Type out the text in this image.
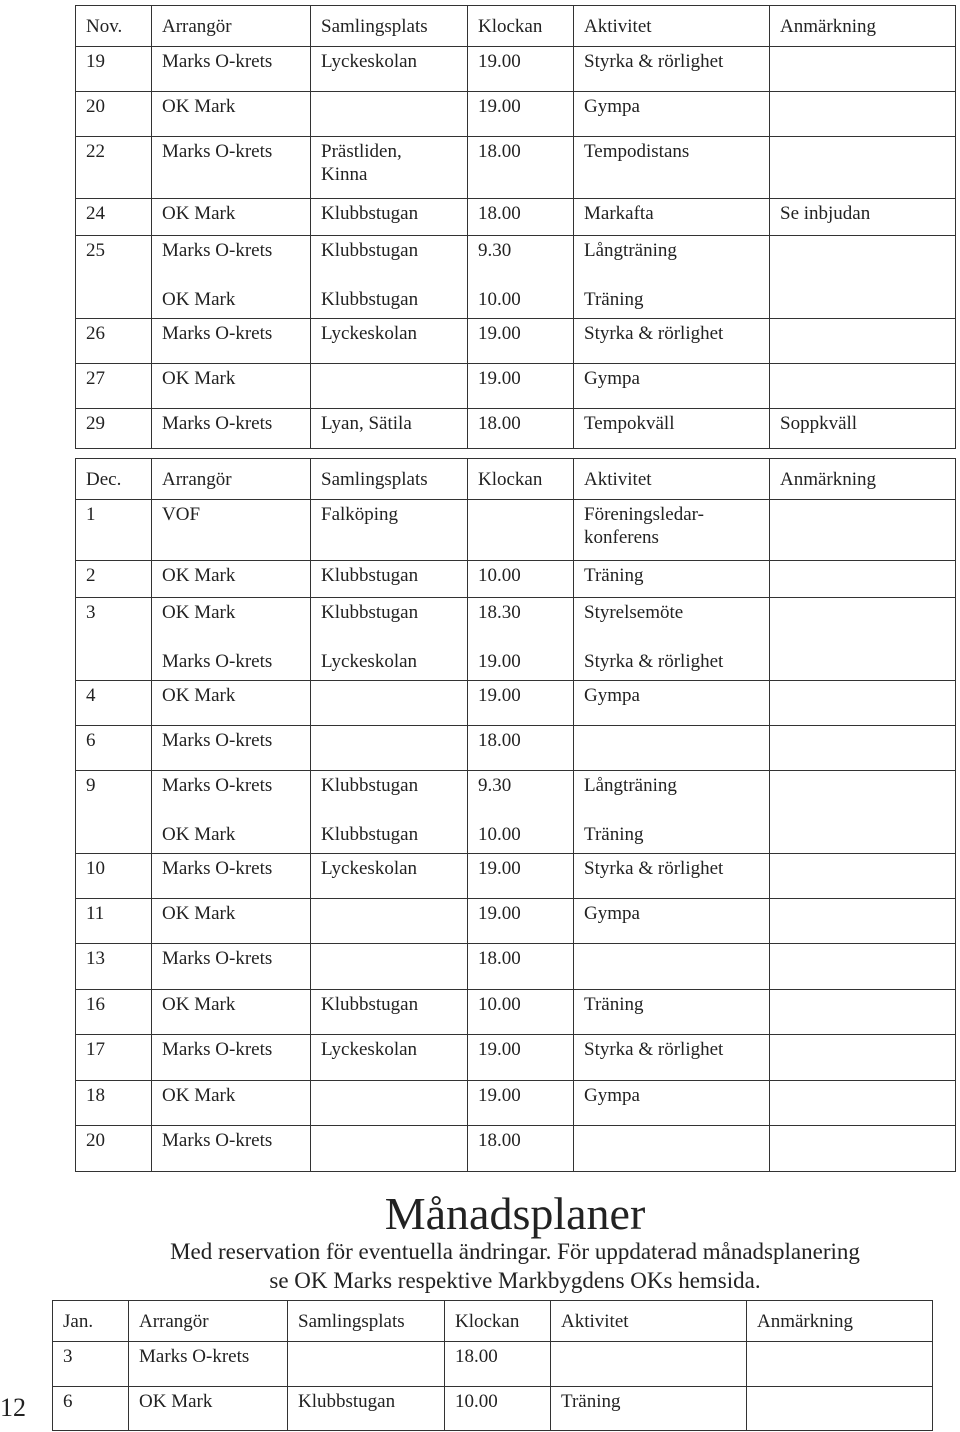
Nov.	Arrangör	Samlingsplats	Klockan	Aktivitet	Anmärkning
19	Marks O-krets	Lyckeskolan	19.00	Styrka & rörlighet	
20	OK Mark		19.00	Gympa	
22	Marks O-krets	Prästliden, Kinna	18.00	Tempodistans	
24	OK Mark	Klubbstugan	18.00	Markafta	Se inbjudan
25	Marks O-krets	Klubbstugan	9.30	Långträning	
	OK Mark	Klubbstugan	10.00	Träning	
26	Marks O-krets	Lyckeskolan	19.00	Styrka & rörlighet	
27	OK Mark		19.00	Gympa	
29	Marks O-krets	Lyan, Sätila	18.00	Tempokväll	Soppkväll
Dec.	Arrangör	Samlingsplats	Klockan	Aktivitet	Anmärkning
1	VOF	Falköping		Föreningsledar- konferens	
2	OK Mark	Klubbstugan	10.00	Träning	
3	OK Mark	Klubbstugan	18.30	Styrelsemöte	
	Marks O-krets	Lyckeskolan	19.00	Styrka & rörlighet	
4	OK Mark		19.00	Gympa	
6	Marks O-krets		18.00		
9	Marks O-krets	Klubbstugan	9.30	Långträning	
	OK Mark	Klubbstugan	10.00	Träning	
10	Marks O-krets	Lyckeskolan	19.00	Styrka & rörlighet	
11	OK Mark		19.00	Gympa	
13	Marks O-krets		18.00		
16	OK Mark	Klubbstugan	10.00	Träning	
17	Marks O-krets	Lyckeskolan	19.00	Styrka & rörlighet	
18	OK Mark		19.00	Gympa	
20	Marks O-krets		18.00		
Månadsplaner
Med reservation för eventuella ändringar. För uppdaterad månadsplanering
se OK Marks respektive Markbygdens OKs hemsida.
Jan.	Arrangör	Samlingsplats	Klockan	Aktivitet	Anmärkning
3	Marks O-krets		18.00		
6	OK Mark	Klubbstugan	10.00	Träning	
12
